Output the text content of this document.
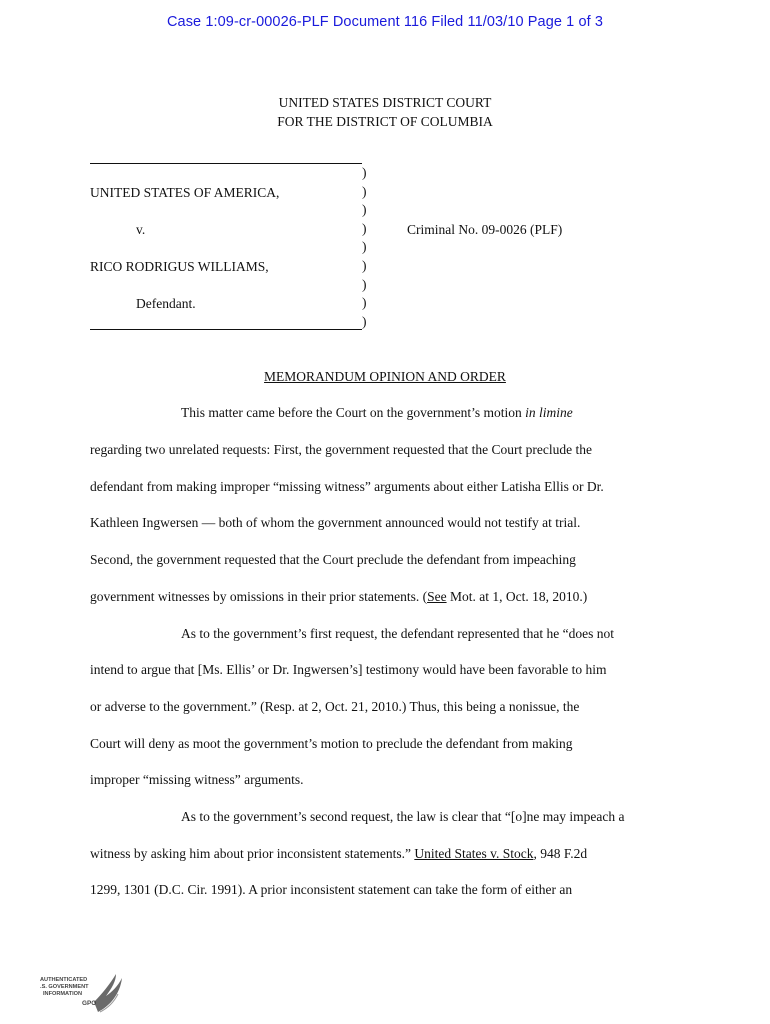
Case 1:09-cr-00026-PLF Document 116 Filed 11/03/10 Page 1 of 3
UNITED STATES DISTRICT COURT
FOR THE DISTRICT OF COLUMBIA
UNITED STATES OF AMERICA,
v.
RICO RODRIGUS WILLIAMS,
Defendant.
)
)
)
)
)
)
)
)
)
Criminal No. 09-0026 (PLF)
MEMORANDUM OPINION AND ORDER
This matter came before the Court on the government’s motion in limine
regarding two unrelated requests: First, the government requested that the Court preclude the
defendant from making improper “missing witness” arguments about either Latisha Ellis or Dr.
Kathleen Ingwersen — both of whom the government announced would not testify at trial.
Second, the government requested that the Court preclude the defendant from impeaching
government witnesses by omissions in their prior statements. (See Mot. at 1, Oct. 18, 2010.)
As to the government’s first request, the defendant represented that he “does not
intend to argue that [Ms. Ellis’ or Dr. Ingwersen’s] testimony would have been favorable to him
or adverse to the government.” (Resp. at 2, Oct. 21, 2010.) Thus, this being a nonissue, the
Court will deny as moot the government’s motion to preclude the defendant from making
improper “missing witness” arguments.
As to the government’s second request, the law is clear that “[o]ne may impeach a
witness by asking him about prior inconsistent statements.” United States v. Stock, 948 F.2d
1299, 1301 (D.C. Cir. 1991). A prior inconsistent statement can take the form of either an
AUTHENTICATED
U.S. GOVERNMENT
INFORMATION
GPO
